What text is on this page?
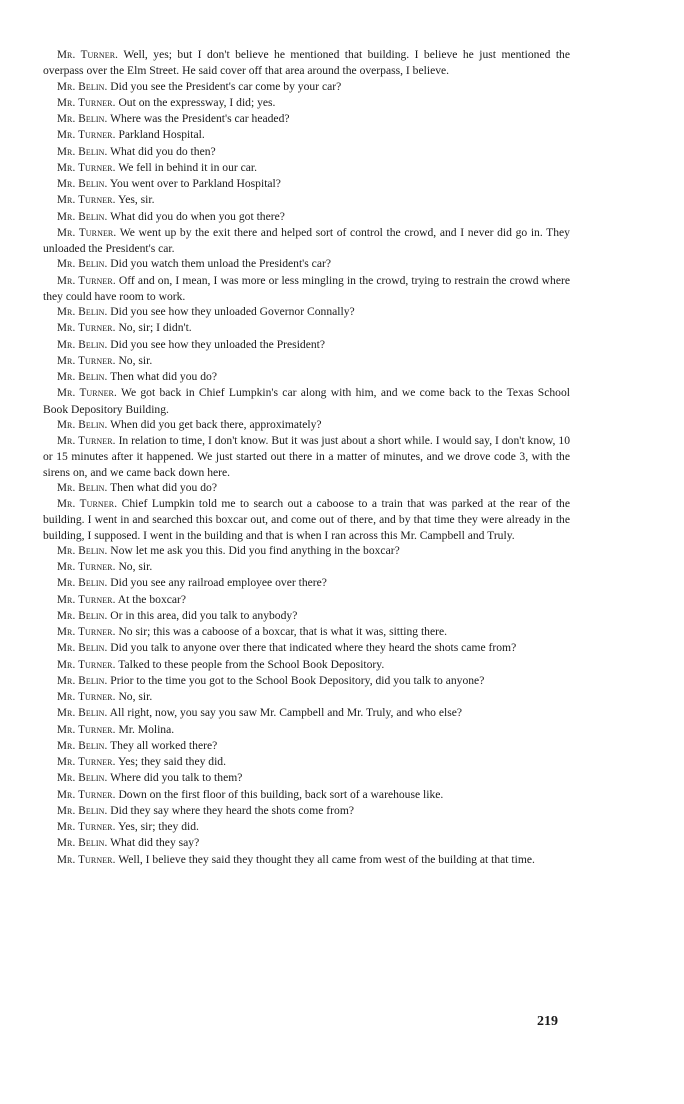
Mr. Turner. Well, yes; but I don't believe he mentioned that building. I believe he just mentioned the overpass over the Elm Street. He said cover off that area around the overpass, I believe.

Mr. Belin. Did you see the President's car come by your car?

Mr. Turner. Out on the expressway, I did; yes.

Mr. Belin. Where was the President's car headed?

Mr. Turner. Parkland Hospital.

Mr. Belin. What did you do then?

Mr. Turner. We fell in behind it in our car.

Mr. Belin. You went over to Parkland Hospital?

Mr. Turner. Yes, sir.

Mr. Belin. What did you do when you got there?

Mr. Turner. We went up by the exit there and helped sort of control the crowd, and I never did go in. They unloaded the President's car.

Mr. Belin. Did you watch them unload the President's car?

Mr. Turner. Off and on, I mean, I was more or less mingling in the crowd, trying to restrain the crowd where they could have room to work.

Mr. Belin. Did you see how they unloaded Governor Connally?

Mr. Turner. No, sir; I didn't.

Mr. Belin. Did you see how they unloaded the President?

Mr. Turner. No, sir.

Mr. Belin. Then what did you do?

Mr. Turner. We got back in Chief Lumpkin's car along with him, and we come back to the Texas School Book Depository Building.

Mr. Belin. When did you get back there, approximately?

Mr. Turner. In relation to time, I don't know. But it was just about a short while. I would say, I don't know, 10 or 15 minutes after it happened. We just started out there in a matter of minutes, and we drove code 3, with the sirens on, and we came back down here.

Mr. Belin. Then what did you do?

Mr. Turner. Chief Lumpkin told me to search out a caboose to a train that was parked at the rear of the building. I went in and searched this boxcar out, and come out of there, and by that time they were already in the building, I supposed. I went in the building and that is when I ran across this Mr. Campbell and Truly.

Mr. Belin. Now let me ask you this. Did you find anything in the boxcar?

Mr. Turner. No, sir.

Mr. Belin. Did you see any railroad employee over there?

Mr. Turner. At the boxcar?

Mr. Belin. Or in this area, did you talk to anybody?

Mr. Turner. No sir; this was a caboose of a boxcar, that is what it was, sitting there.

Mr. Belin. Did you talk to anyone over there that indicated where they heard the shots came from?

Mr. Turner. Talked to these people from the School Book Depository.

Mr. Belin. Prior to the time you got to the School Book Depository, did you talk to anyone?

Mr. Turner. No, sir.

Mr. Belin. All right, now, you say you saw Mr. Campbell and Mr. Truly, and who else?

Mr. Turner. Mr. Molina.

Mr. Belin. They all worked there?

Mr. Turner. Yes; they said they did.

Mr. Belin. Where did you talk to them?

Mr. Turner. Down on the first floor of this building, back sort of a warehouse like.

Mr. Belin. Did they say where they heard the shots come from?

Mr. Turner. Yes, sir; they did.

Mr. Belin. What did they say?

Mr. Turner. Well, I believe they said they thought they all came from west of the building at that time.

219
